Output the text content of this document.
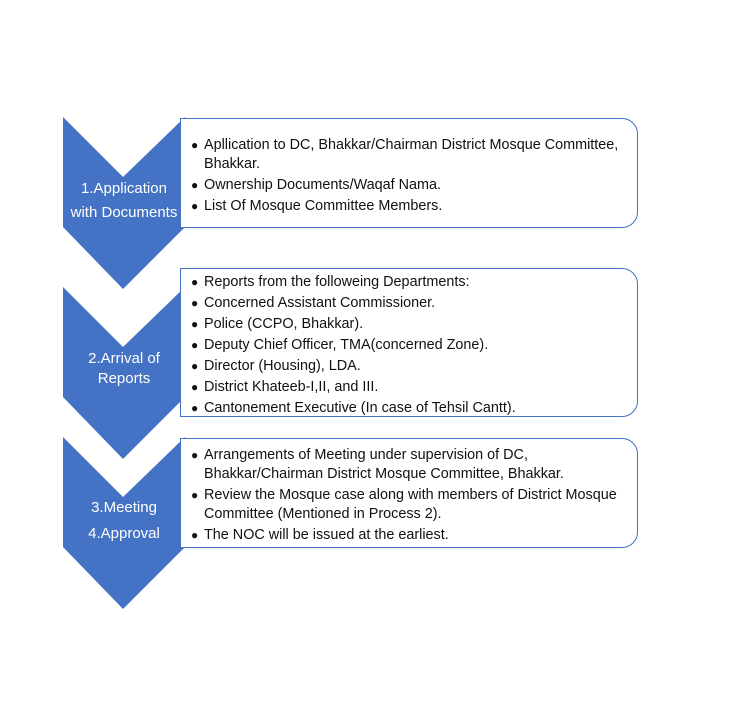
● Apllication to DC, Bhakkar/Chairman District Mosque Committee, Bhakkar.
● Ownership Documents/Waqaf Nama.
● List Of Mosque Committee Members.
1.Application
with Documents
● Reports from the followeing Departments:
● Concerned Assistant Commissioner.
● Police (CCPO, Bhakkar).
● Deputy Chief Officer, TMA(concerned Zone).
● Director (Housing), LDA.
● District Khateeb-I,II, and III.
● Cantonement Executive (In case of Tehsil Cantt).
2.Arrival of
Reports
● Arrangements of Meeting under supervision of DC, Bhakkar/Chairman District Mosque Committee, Bhakkar.
● Review the Mosque case along with members of District Mosque Committee (Mentioned in Process 2).
● The NOC will be issued at the earliest.
3.Meeting
4.Approval
